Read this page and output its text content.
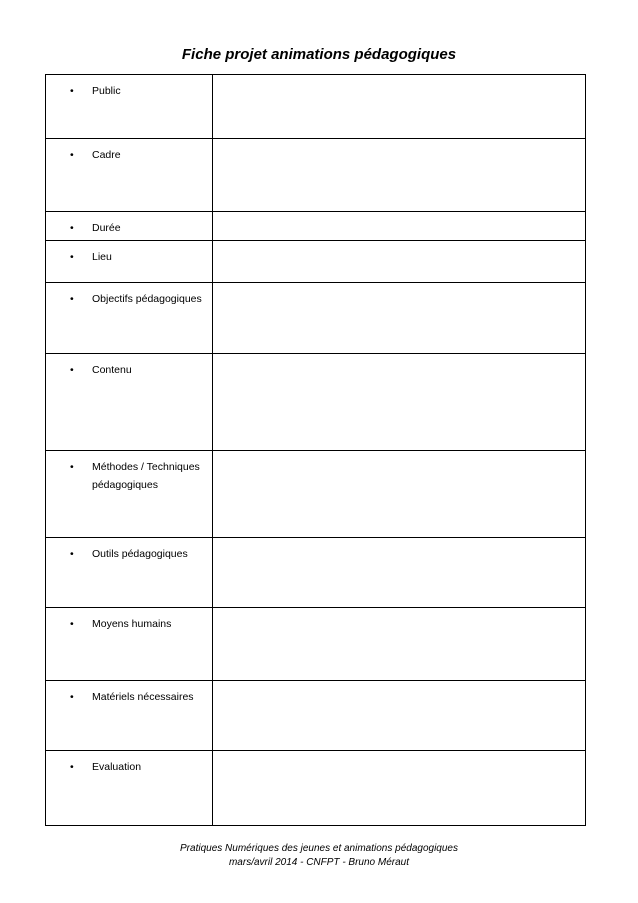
Fiche projet animations pédagogiques
• Public	

• Cadre	

• Durée	

• Lieu	

• Objectifs pédagogiques	

• Contenu	

• Méthodes / Techniques pédagogiques	

• Outils pédagogiques	

• Moyens humains	

• Matériels nécessaires	

• Evaluation	

Pratiques Numériques des jeunes et animations pédagogiques
mars/avril 2014 - CNFPT - Bruno Méraut
